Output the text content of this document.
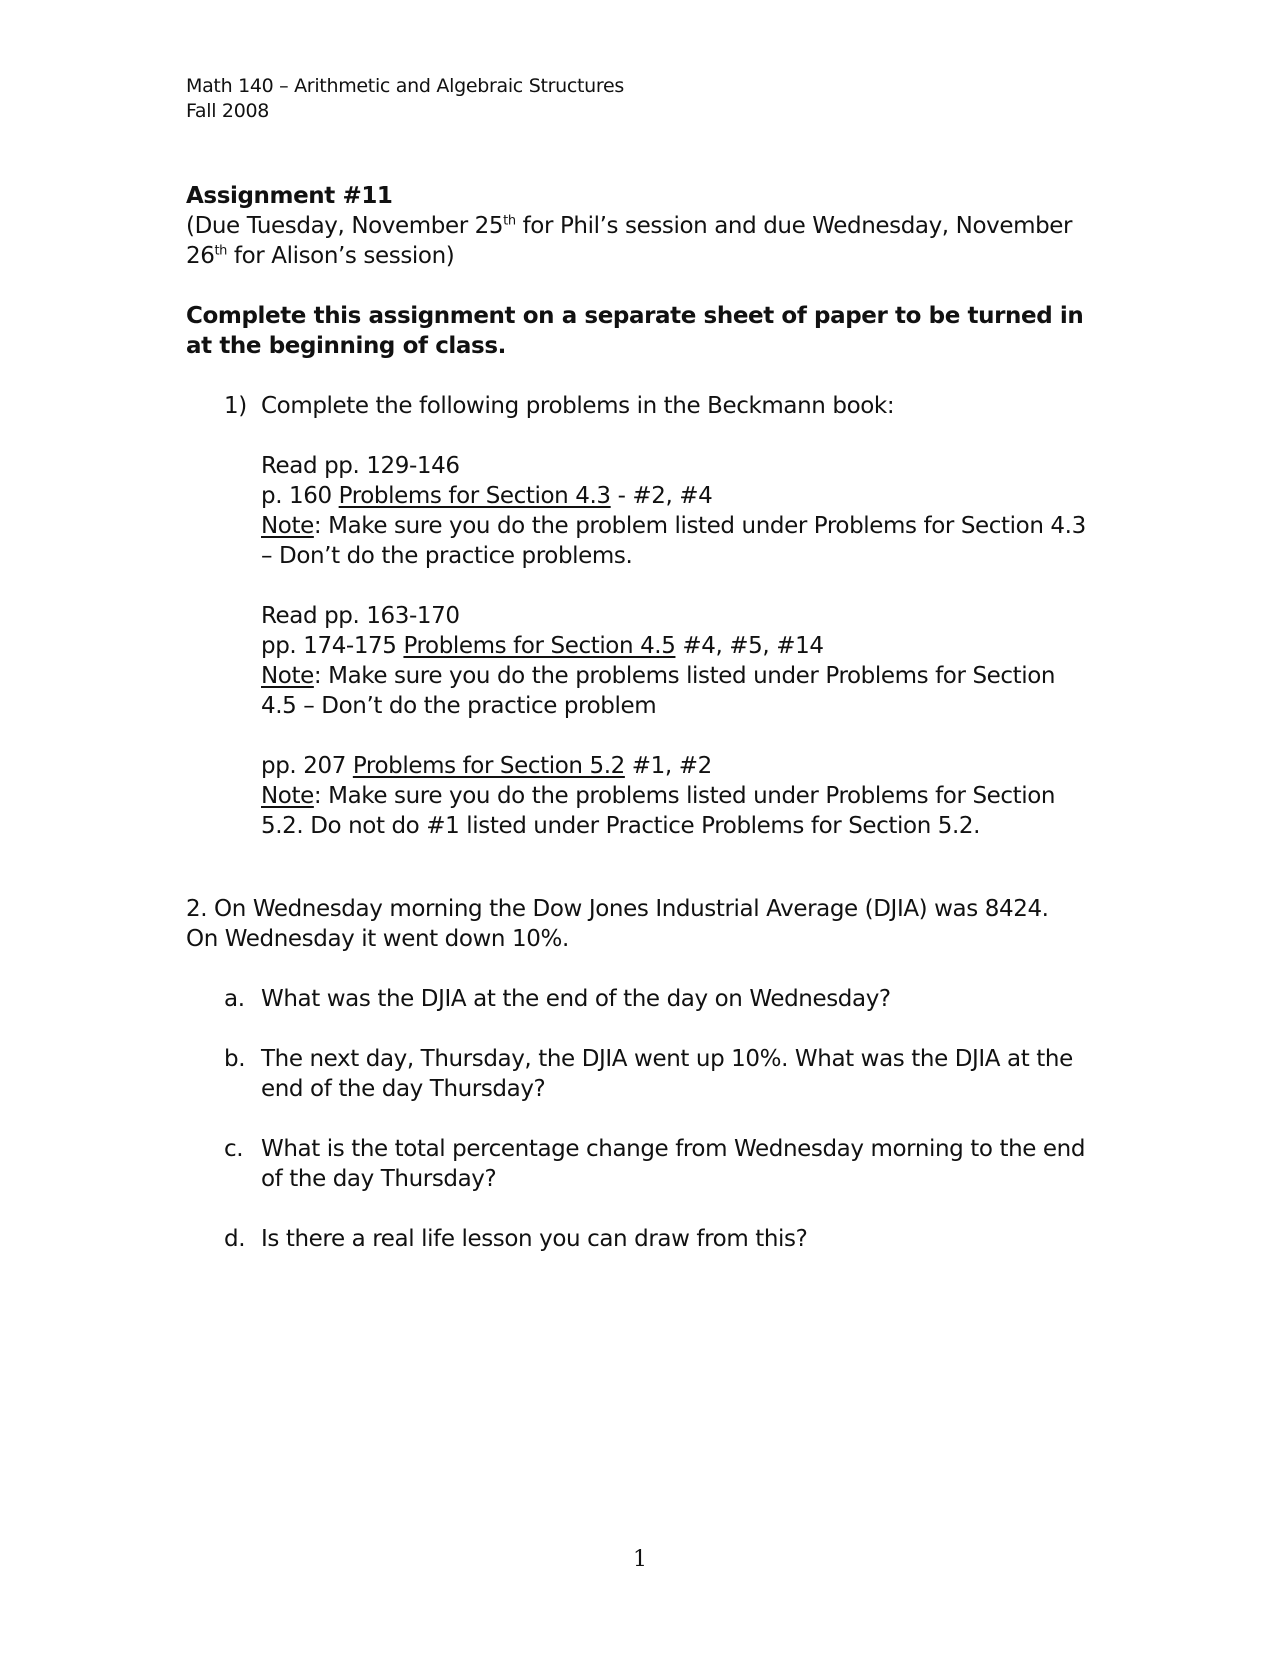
Math 140 – Arithmetic and Algebraic Structures
Fall 2008
Assignment #11
(Due Tuesday, November 25th for Phil’s session and due Wednesday, November
26th for Alison’s session)
Complete this assignment on a separate sheet of paper to be turned in at the beginning of class.
1) Complete the following problems in the Beckmann book:
Read pp. 129-146
p. 160 Problems for Section 4.3 - #2, #4
Note: Make sure you do the problem listed under Problems for Section 4.3 – Don’t do the practice problems.
Read pp. 163-170
pp. 174-175 Problems for Section 4.5 #4, #5, #14
Note: Make sure you do the problems listed under Problems for Section 4.5 – Don’t do the practice problem
pp. 207 Problems for Section 5.2 #1, #2
Note: Make sure you do the problems listed under Problems for Section 5.2. Do not do #1 listed under Practice Problems for Section 5.2.
2. On Wednesday morning the Dow Jones Industrial Average (DJIA) was 8424. On Wednesday it went down 10%.
a. What was the DJIA at the end of the day on Wednesday?
b. The next day, Thursday, the DJIA went up 10%. What was the DJIA at the end of the day Thursday?
c. What is the total percentage change from Wednesday morning to the end of the day Thursday?
d. Is there a real life lesson you can draw from this?
1
